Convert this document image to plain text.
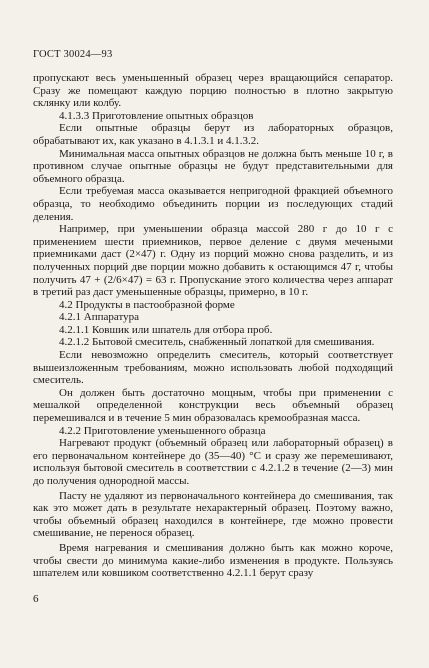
ГОСТ 30024—93

пропускают весь уменьшенный образец через вращающийся сепаратор. Сразу же помещают каждую порцию полностью в плотно закрытую склянку или колбу.

4.1.3.3 Приготовление опытных образцов

Если опытные образцы берут из лабораторных образцов, обрабатывают их, как указано в 4.1.3.1 и 4.1.3.2.

Минимальная масса опытных образцов не должна быть меньше 10 г, в противном случае опытные образцы не будут представительными для объемного образца.

Если требуемая масса оказывается непригодной фракцией объемного образца, то необходимо объединить порции из последующих стадий деления.

Например, при уменьшении образца массой 280 г до 10 г с применением шести приемников, первое деление с двумя мечеными приемниками даст (2×47) г. Одну из порций можно снова разделить, и из полученных порций две порции можно добавить к остающимся 47 г, чтобы получить 47 + (2/6×47) = 63 г. Пропускание этого количества через аппарат в третий раз даст уменьшенные образцы, примерно, в 10 г.

4.2 Продукты в пастообразной форме

4.2.1 Аппаратура

4.2.1.1 Ковшик или шпатель для отбора проб.

4.2.1.2 Бытовой смеситель, снабженный лопаткой для смешивания.

Если невозможно определить смеситель, который соответствует вышеизложенным требованиям, можно использовать любой подходящий смеситель.

Он должен быть достаточно мощным, чтобы при применении с мешалкой определенной конструкции весь объемный образец перемешивался и в течение 5 мин образовалась кремообразная масса.

4.2.2 Приготовление уменьшенного образца

Нагревают продукт (объемный образец или лабораторный образец) в его первоначальном контейнере до (35—40) °С и сразу же перемешивают, используя бытовой смеситель в соответствии с 4.2.1.2 в течение (2—3) мин до получения однородной массы.

Пасту не удаляют из первоначального контейнера до смешивания, так как это может дать в результате нехарактерный образец. Поэтому важно, чтобы объемный образец находился в контейнере, где можно провести смешивание, не перенося образец.

Время нагревания и смешивания должно быть как можно короче, чтобы свести до минимума какие-либо изменения в продукте. Пользуясь шпателем или ковшиком соответственно 4.2.1.1 берут сразу

6
